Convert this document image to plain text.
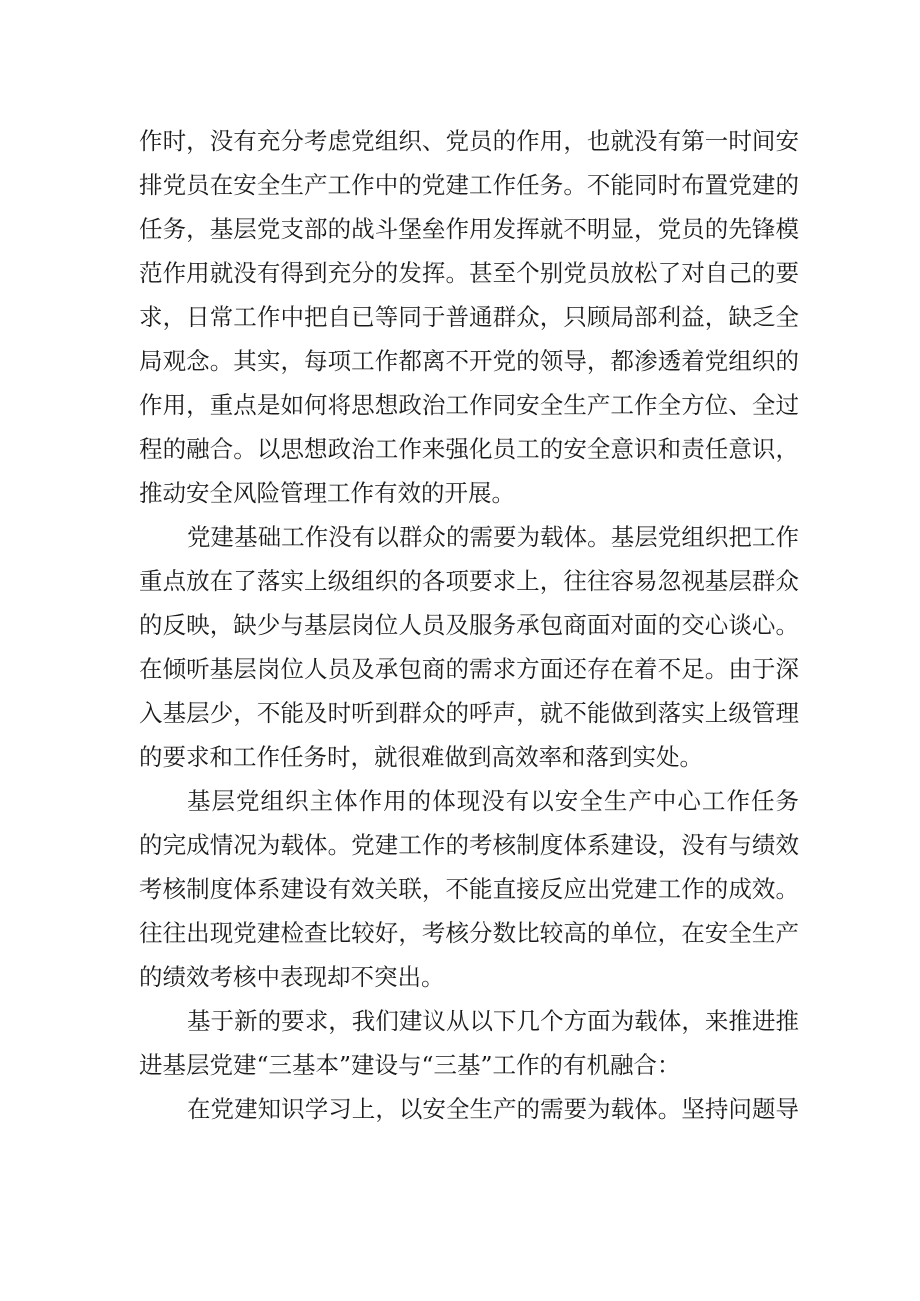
作时，没有充分考虑党组织、党员的作用，也就没有第一时间安
排党员在安全生产工作中的党建工作任务。不能同时布置党建的
任务，基层党支部的战斗堡垒作用发挥就不明显，党员的先锋模
范作用就没有得到充分的发挥。甚至个别党员放松了对自己的要
求，日常工作中把自已等同于普通群众，只顾局部利益，缺乏全
局观念。其实，每项工作都离不开党的领导，都渗透着党组织的
作用，重点是如何将思想政治工作同安全生产工作全方位、全过
程的融合。以思想政治工作来强化员工的安全意识和责任意识，
推动安全风险管理工作有效的开展。
党建基础工作没有以群众的需要为载体。基层党组织把工作
重点放在了落实上级组织的各项要求上，往往容易忽视基层群众
的反映，缺少与基层岗位人员及服务承包商面对面的交心谈心。
在倾听基层岗位人员及承包商的需求方面还存在着不足。由于深
入基层少，不能及时听到群众的呼声，就不能做到落实上级管理
的要求和工作任务时，就很难做到高效率和落到实处。
基层党组织主体作用的体现没有以安全生产中心工作任务
的完成情况为载体。党建工作的考核制度体系建设，没有与绩效
考核制度体系建设有效关联，不能直接反应出党建工作的成效。
往往出现党建检查比较好，考核分数比较高的单位，在安全生产
的绩效考核中表现却不突出。
基于新的要求，我们建议从以下几个方面为载体，来推进推
进基层党建“三基本”建设与“三基”工作的有机融合：
在党建知识学习上，以安全生产的需要为载体。坚持问题导
